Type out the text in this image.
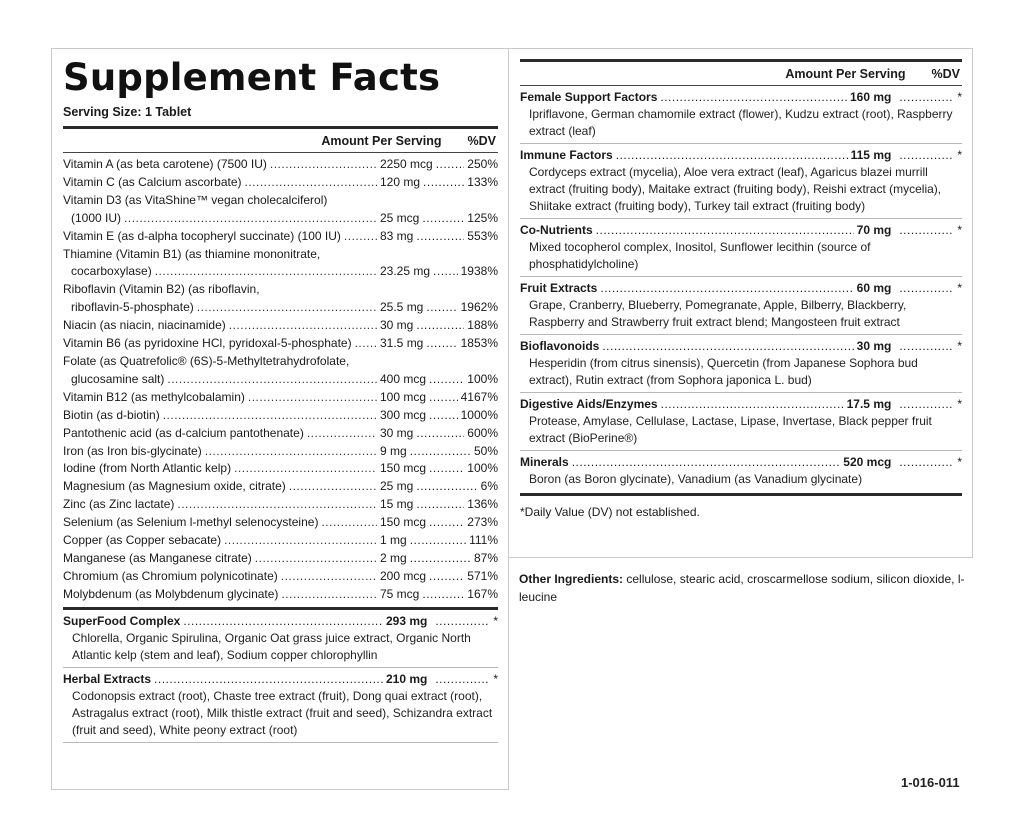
Supplement Facts
Serving Size: 1 Tablet
Amount Per Serving %DV
Vitamin A (as beta carotene) (7500 IU) .....	2250 mcg .....	250%
Vitamin C (as Calcium ascorbate) .....	120 mg .....	133%
Vitamin D3 (as VitaShine™ vegan cholecalciferol)
(1000 IU) .....	25 mcg .....	125%
Vitamin E (as d-alpha tocopheryl succinate) (100 IU) .....	83 mg .....	553%
Thiamine (Vitamin B1) (as thiamine mononitrate,
cocarboxylase) .....	23.25 mg .....	1938%
Riboflavin (Vitamin B2) (as riboflavin,
riboflavin-5-phosphate) .....	25.5 mg .....	1962%
Niacin (as niacin, niacinamide) .....	30 mg .....	188%
Vitamin B6 (as pyridoxine HCl, pyridoxal-5-phosphate) ..... 31.5 mg .....	1853%
Folate (as Quatrefolic® (6S)-5-Methyltetrahydrofolate,
glucosamine salt) .....	400 mcg .....	100%
Vitamin B12 (as methylcobalamin) .....	100 mcg .....	4167%
Biotin (as d-biotin) .....	300 mcg .....	1000%
Pantothenic acid (as d-calcium pantothenate) .....	30 mg .....	600%
Iron (as Iron bis-glycinate) .....	9 mg .....	50%
Iodine (from North Atlantic kelp) .....	150 mcg .....	100%
Magnesium (as Magnesium oxide, citrate) .....	25 mg .....	6%
Zinc (as Zinc lactate) .....	15 mg .....	136%
Selenium (as Selenium l-methyl selenocysteine) .....	150 mcg .....	273%
Copper (as Copper sebacate) .....	1 mg .....	111%
Manganese (as Manganese citrate) .....	2 mg .....	87%
Chromium (as Chromium polynicotinate) .....	200 mcg .....	571%
Molybdenum (as Molybdenum glycinate) .....	75 mcg .....	167%
SuperFood Complex .....	293 mg .....	*
Chlorella, Organic Spirulina, Organic Oat grass juice extract, Organic North Atlantic kelp (stem and leaf), Sodium copper chlorophyllin
Herbal Extracts .....	210 mg .....	*
Codonopsis extract (root), Chaste tree extract (fruit), Dong quai extract (root), Astragalus extract (root), Milk thistle extract (fruit and seed), Schizandra extract (fruit and seed), White peony extract (root)
Amount Per Serving %DV
Female Support Factors .....	160 mg .....	*
Ipriflavone, German chamomile extract (flower), Kudzu extract (root), Raspberry extract (leaf)
Immune Factors .....	115 mg .....	*
Cordyceps extract (mycelia), Aloe vera extract (leaf), Agaricus blazei murrill extract (fruiting body), Maitake extract (fruiting body), Reishi extract (mycelia), Shiitake extract (fruiting body), Turkey tail extract (fruiting body)
Co-Nutrients .....	70 mg .....	*
Mixed tocopherol complex, Inositol, Sunflower lecithin (source of phosphatidylcholine)
Fruit Extracts .....	60 mg .....	*
Grape, Cranberry, Blueberry, Pomegranate, Apple, Bilberry, Blackberry, Raspberry and Strawberry fruit extract blend; Mangosteen fruit extract
Bioflavonoids .....	30 mg .....	*
Hesperidin (from citrus sinensis), Quercetin (from Japanese Sophora bud extract), Rutin extract (from Sophora japonica L. bud)
Digestive Aids/Enzymes .....	17.5 mg .....	*
Protease, Amylase, Cellulase, Lactase, Lipase, Invertase, Black pepper fruit extract (BioPerine®)
Minerals .....	520 mcg .....	*
Boron (as Boron glycinate), Vanadium (as Vanadium glycinate)
*Daily Value (DV) not established.
Other Ingredients: cellulose, stearic acid, croscarmellose sodium, silicon dioxide, l-leucine
1-016-011
